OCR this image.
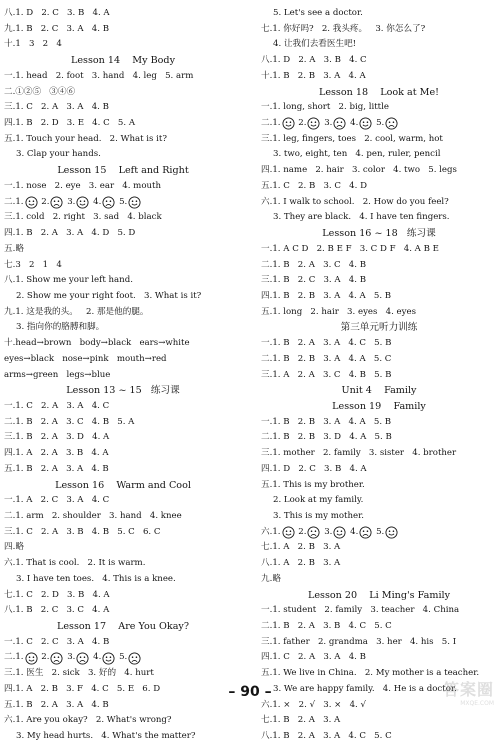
八.1. D   2. C   3. B   4. A
九.1. B   2. C   3. A   4. B
十.1   3   2   4
Lesson 14    My Body
一.1. head   2. foot   3. hand   4. leg   5. arm
二.①②⑤   ③④⑥
三.1. C   2. A   3. A   4. B
四.1. B   2. D   3. E   4. C   5. A
五.1. Touch your head.   2. What is it?
3. Clap your hands.
Lesson 15    Left and Right
一.1. nose   2. eye   3. ear   4. mouth
二.1. 2. 3. 4. 5.
三.1. cold   2. right   3. sad   4. black
四.1. B   2. A   3. A   4. D   5. D
五.略
七.3   2   1   4
八.1. Show me your left hand.
2. Show me your right foot.   3. What is it?
九.1. 这是我的头。   2. 那是他的腿。
3. 指向你的胳膊和脚。
十.head→brown   body→black   ears→white
eyes→black   nose→pink   mouth→red
arms→green   legs→blue
Lesson 13 ~ 15   练习课
一.1. C   2. A   3. A   4. C
二.1. B   2. A   3. C   4. B   5. A
三.1. B   2. A   3. D   4. A
四.1. A   2. A   3. B   4. A
五.1. B   2. A   3. A   4. B
Lesson 16    Warm and Cool
一.1. A   2. C   3. A   4. C
二.1. arm   2. shoulder   3. hand   4. knee
三.1. C   2. A   3. B   4. B   5. C   6. C
四.略
六.1. That is cool.   2. It is warm.
3. I have ten toes.   4. This is a knee.
七.1. C   2. D   3. B   4. A
八.1. B   2. C   3. C   4. A
Lesson 17    Are You Okay?
一.1. C   2. C   3. A   4. B
二.1. 2. 3. 4. 5.
三.1. 医生   2. sick   3. 好的   4. hurt
四.1. A   2. B   3. F   4. C   5. E   6. D
五.1. B   2. A   3. A   4. B
六.1. Are you okay?   2. What's wrong?
3. My head hurts.   4. What's the matter?
5. Let's see a doctor.
七.1. 你好吗?   2. 我头疼。   3. 你怎么了?
4. 让我们去看医生吧!
八.1. D   2. A   3. B   4. C
十.1. B   2. B   3. A   4. A
Lesson 18    Look at Me!
一.1. long, short   2. big, little
二.1. 2. 3. 4. 5.
三.1. leg, fingers, toes   2. cool, warm, hot
3. two, eight, ten   4. pen, ruler, pencil
四.1. name   2. hair   3. color   4. two   5. legs
五.1. C   2. B   3. C   4. D
六.1. I walk to school.   2. How do you feel?
3. They are black.   4. I have ten fingers.
Lesson 16 ~ 18   练习课
一.1. A C D   2. B E F   3. C D F   4. A B E
二.1. B   2. A   3. C   4. B
三.1. B   2. C   3. A   4. B
四.1. B   2. B   3. A   4. A   5. B
五.1. long   2. hair   3. eyes   4. eyes
第三单元听力训练
一.1. B   2. A   3. A   4. C   5. B
二.1. B   2. B   3. A   4. A   5. C
三.1. A   2. A   3. C   4. B   5. B
Unit 4    Family
Lesson 19    Family
一.1. B   2. B   3. A   4. A   5. B
二.1. B   2. B   3. D   4. A   5. B
三.1. mother   2. family   3. sister   4. brother
四.1. D   2. C   3. B   4. A
五.1. This is my brother.
2. Look at my family.
3. This is my mother.
六.1. 2. 3. 4. 5.
七.1. A   2. B   3. A
八.1. A   2. B   3. A
九.略
Lesson 20    Li Ming's Family
一.1. student   2. family   3. teacher   4. China
二.1. B   2. A   3. B   4. C   5. C
三.1. father   2. grandma   3. her   4. his   5. I
四.1. C   2. A   3. A   4. B
五.1. We live in China.   2. My mother is a teacher.
3. We are happy family.   4. He is a doctor.
六.1. ×   2. √   3. ×   4. √
七.1. B   2. A   3. A
八.1. B   2. A   3. A   4. C   5. C
– 90 –	答案圈
MXQE.COM
